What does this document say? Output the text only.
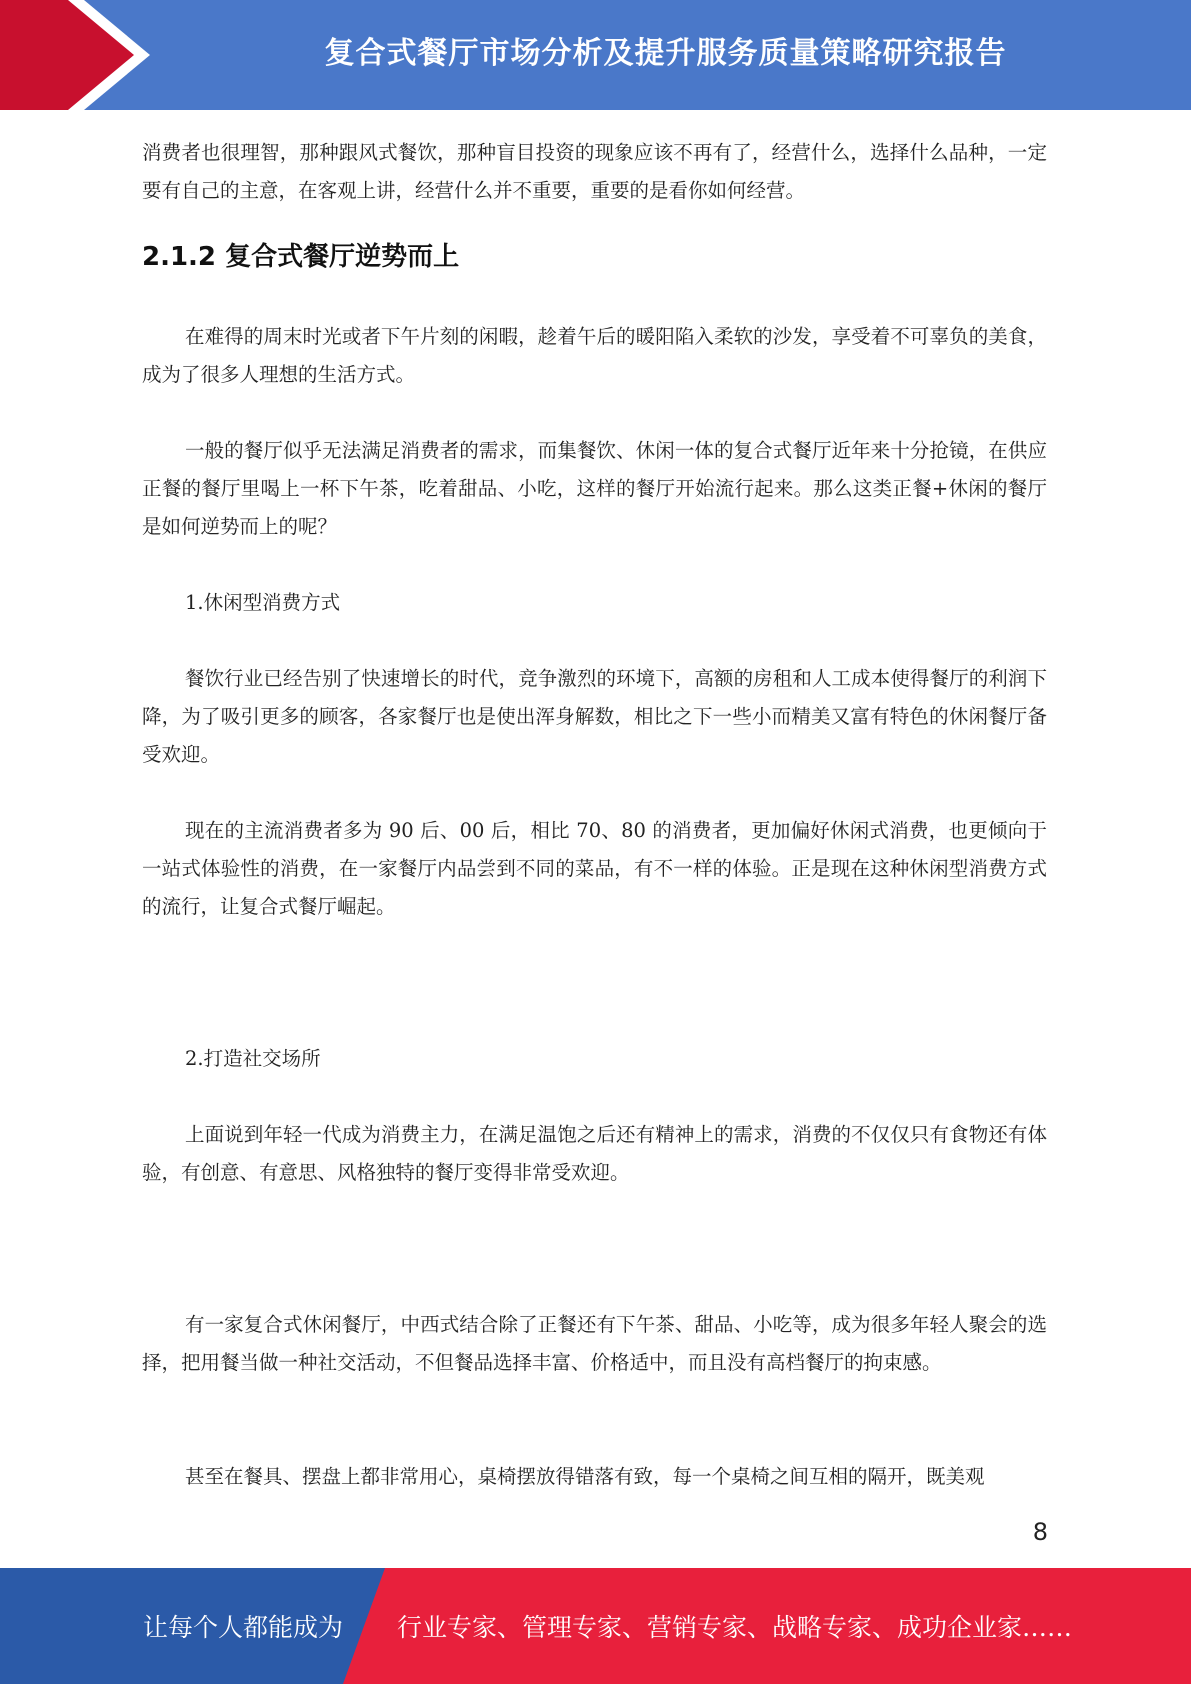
复合式餐厅市场分析及提升服务质量策略研究报告

消费者也很理智，那种跟风式餐饮，那种盲目投资的现象应该不再有了，经营什么，选择什么品种，一定要有自己的主意，在客观上讲，经营什么并不重要，重要的是看你如何经营。

2.1.2 复合式餐厅逆势而上

在难得的周末时光或者下午片刻的闲暇，趁着午后的暖阳陷入柔软的沙发，享受着不可辜负的美食，成为了很多人理想的生活方式。

一般的餐厅似乎无法满足消费者的需求，而集餐饮、休闲一体的复合式餐厅近年来十分抢镜，在供应正餐的餐厅里喝上一杯下午茶，吃着甜品、小吃，这样的餐厅开始流行起来。那么这类正餐+休闲的餐厅是如何逆势而上的呢？

1.休闲型消费方式

餐饮行业已经告别了快速增长的时代，竞争激烈的环境下，高额的房租和人工成本使得餐厅的利润下降，为了吸引更多的顾客，各家餐厅也是使出浑身解数，相比之下一些小而精美又富有特色的休闲餐厅备受欢迎。

现在的主流消费者多为 90 后、00 后，相比 70、80 的消费者，更加偏好休闲式消费，也更倾向于一站式体验性的消费，在一家餐厅内品尝到不同的菜品，有不一样的体验。正是现在这种休闲型消费方式的流行，让复合式餐厅崛起。

2.打造社交场所

上面说到年轻一代成为消费主力，在满足温饱之后还有精神上的需求，消费的不仅仅只有食物还有体验，有创意、有意思、风格独特的餐厅变得非常受欢迎。

有一家复合式休闲餐厅，中西式结合除了正餐还有下午茶、甜品、小吃等，成为很多年轻人聚会的选择，把用餐当做一种社交活动，不但餐品选择丰富、价格适中，而且没有高档餐厅的拘束感。

甚至在餐具、摆盘上都非常用心，桌椅摆放得错落有致，每一个桌椅之间互相的隔开，既美观

8
让每个人都能成为 行业专家、管理专家、营销专家、战略专家、成功企业家……
